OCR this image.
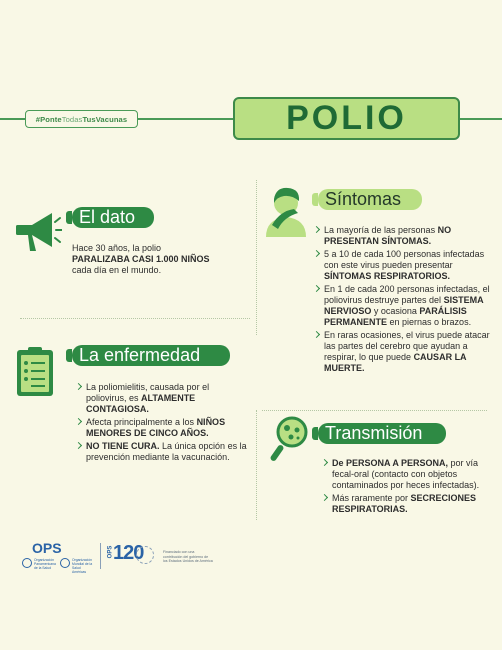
#Ponte Todas TusVacunas	POLIO
El dato
Hace 30 años, la polio
PARALIZABA CASI 1.000 NIÑOS
cada día en el mundo.
La enfermedad
La poliomielitis, causada por el poliovirus, es ALTAMENTE CONTAGIOSA.
Afecta principalmente a los NIÑOS MENORES DE CINCO AÑOS.
NO TIENE CURA. La única opción es la prevención mediante la vacunación.
Síntomas
La mayoría de las personas NO PRESENTAN SÍNTOMAS.
5 a 10 de cada 100 personas infectadas con este virus pueden presentar SÍNTOMAS RESPIRATORIOS.
En 1 de cada 200 personas infectadas, el poliovirus destruye partes del SISTEMA NERVIOSO y ocasiona PARÁLISIS PERMANENTE en piernas o brazos.
En raras ocasiones, el virus puede atacar las partes del cerebro que ayudan a respirar, lo que puede CAUSAR LA MUERTE.
Transmisión
De PERSONA A PERSONA, por vía fecal-oral (contacto con objetos contaminados por heces infectadas).
Más raramente por SECRECIONES RESPIRATORIAS.
OPS
Organización
Panamericana
de la Salud
Organización
Mundial de la Salud
Américas
OPS 120	Financiado con una
contribución del gobierno de
los Estados Unidos de América
